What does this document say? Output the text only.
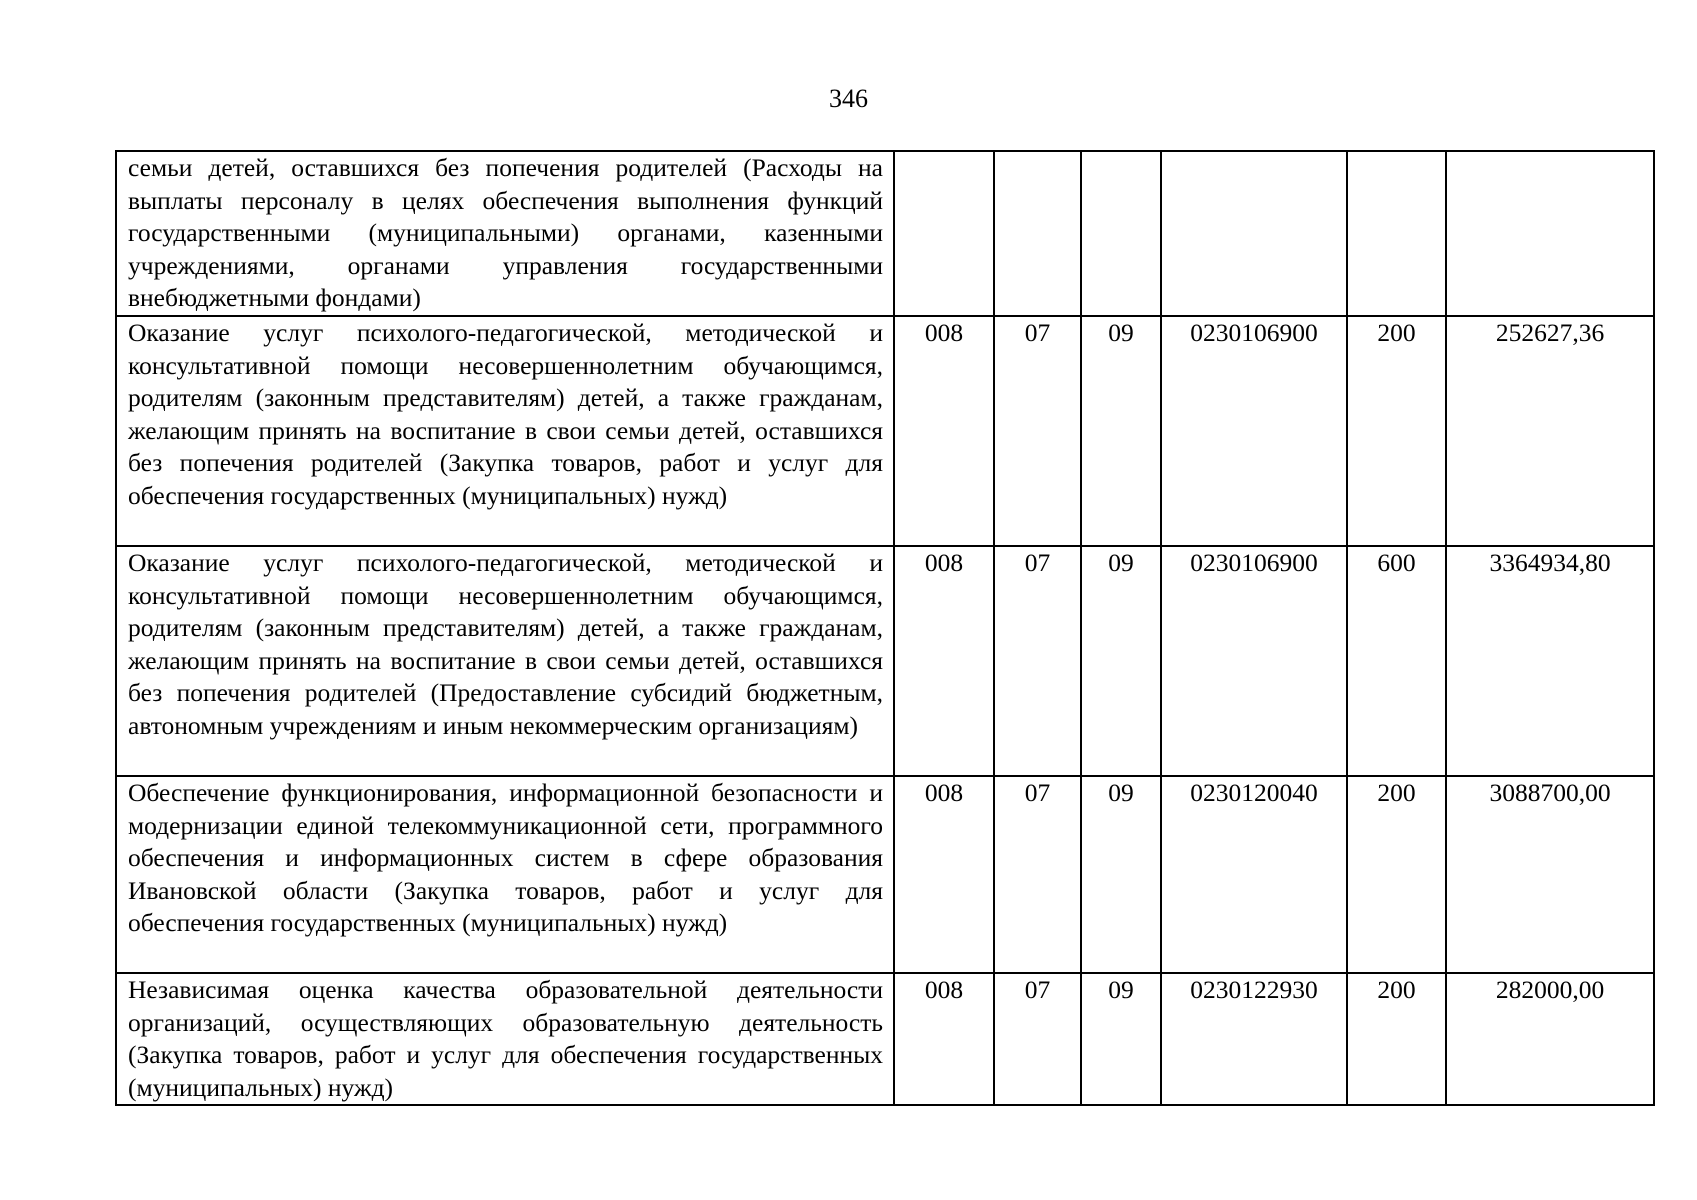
346
семьи детей, оставшихся без попечения родителей (Расходы на выплаты персоналу в целях обеспечения выполнения функций государственными (муниципальными) органами, казенными учреждениями, органами управления государственными внебюджетными фондами)						
Оказание услуг психолого-педагогической, методической и консультативной помощи несовершеннолетним обучающимся, родителям (законным представителям) детей, а также гражданам, желающим принять на воспитание в свои семьи детей, оставшихся без попечения родителей (Закупка товаров, работ и услуг для обеспечения государственных (муниципальных) нужд)	008	07	09	0230106900	200	252627,36
Оказание услуг психолого-педагогической, методической и консультативной помощи несовершеннолетним обучающимся, родителям (законным представителям) детей, а также гражданам, желающим принять на воспитание в свои семьи детей, оставшихся без попечения родителей (Предоставление субсидий бюджетным, автономным учреждениям и иным некоммерческим организациям)	008	07	09	0230106900	600	3364934,80
Обеспечение функционирования, информационной безопасности и модернизации единой телекоммуникационной сети, программного обеспечения и информационных систем в сфере образования Ивановской области (Закупка товаров, работ и услуг для обеспечения государственных (муниципальных) нужд)	008	07	09	0230120040	200	3088700,00
Независимая оценка качества образовательной деятельности организаций, осуществляющих образовательную деятельность (Закупка товаров, работ и услуг для обеспечения государственных (муниципальных) нужд)	008	07	09	0230122930	200	282000,00
